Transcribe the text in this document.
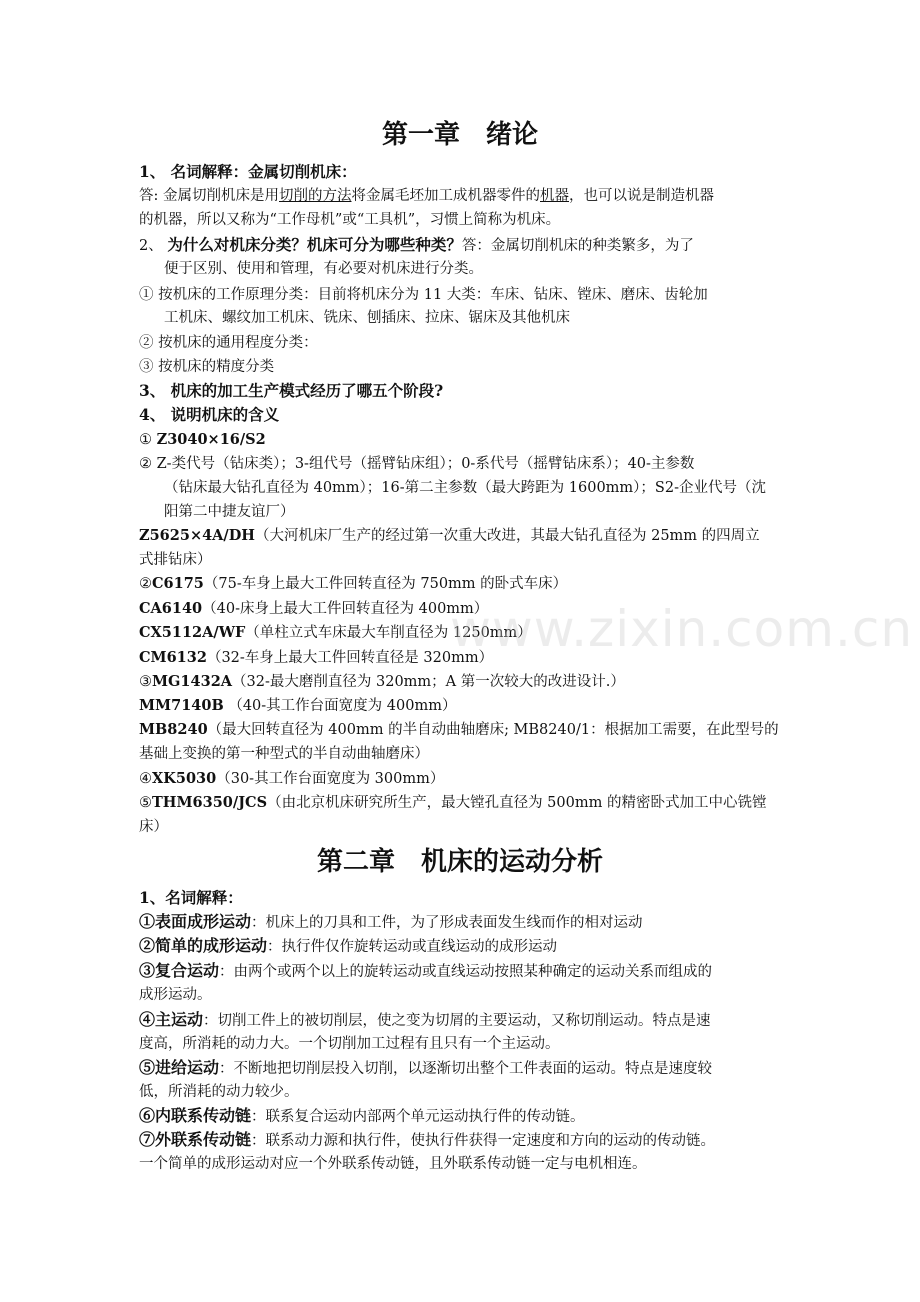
第一章　绪论
1、 名词解释：金属切削机床：
答: 金属切削机床是用切削的方法将金属毛坯加工成机器零件的机器，也可以说是制造机器
的机器，所以又称为“工作母机”或“工具机”，习惯上简称为机床。
2、 为什么对机床分类？机床可分为哪些种类？答：金属切削机床的种类繁多，为了
便于区别、使用和管理，有必要对机床进行分类。
① 按机床的工作原理分类：目前将机床分为 11 大类：车床、钻床、镗床、磨床、齿轮加
工机床、螺纹加工机床、铣床、刨插床、拉床、锯床及其他机床
② 按机床的通用程度分类：
③ 按机床的精度分类
3、 机床的加工生产模式经历了哪五个阶段?
4、 说明机床的含义
① Z3040×16/S2
② Z-类代号（钻床类）；3-组代号（摇臂钻床组）；0-系代号（摇臂钻床系）；40-主参数
（钻床最大钻孔直径为 40mm）；16-第二主参数（最大跨距为 1600mm）；S2-企业代号（沈
阳第二中捷友谊厂）
Z5625×4A/DH（大河机床厂生产的经过第一次重大改进，其最大钻孔直径为 25mm 的四周立
式排钻床）
②C6175（75-车身上最大工件回转直径为 750mm 的卧式车床）
CA6140（40-床身上最大工件回转直径为 400mm）
CX5112A/WF（单柱立式车床最大车削直径为 1250mm）
CM6132（32-车身上最大工件回转直径是 320mm）
③MG1432A（32-最大磨削直径为 320mm；A 第一次较大的改进设计.）
MM7140B （40-其工作台面宽度为 400mm）
MB8240（最大回转直径为 400mm 的半自动曲轴磨床; MB8240/1：根据加工需要，在此型号的
基础上变换的第一种型式的半自动曲轴磨床）
④XK5030（30-其工作台面宽度为 300mm）
⑤THM6350/JCS（由北京机床研究所生产，最大镗孔直径为 500mm 的精密卧式加工中心铣镗
床）
第二章　机床的运动分析
1、名词解释：
①表面成形运动：机床上的刀具和工件，为了形成表面发生线而作的相对运动
②简单的成形运动：执行件仅作旋转运动或直线运动的成形运动
③复合运动：由两个或两个以上的旋转运动或直线运动按照某种确定的运动关系而组成的
成形运动。
④主运动：切削工件上的被切削层，使之变为切屑的主要运动，又称切削运动。特点是速
度高，所消耗的动力大。一个切削加工过程有且只有一个主运动。
⑤进给运动：不断地把切削层投入切削，以逐渐切出整个工件表面的运动。特点是速度较
低，所消耗的动力较少。
⑥内联系传动链：联系复合运动内部两个单元运动执行件的传动链。
⑦外联系传动链：联系动力源和执行件，使执行件获得一定速度和方向的运动的传动链。
一个简单的成形运动对应一个外联系传动链，且外联系传动链一定与电机相连。
www.zixin.com.cn
